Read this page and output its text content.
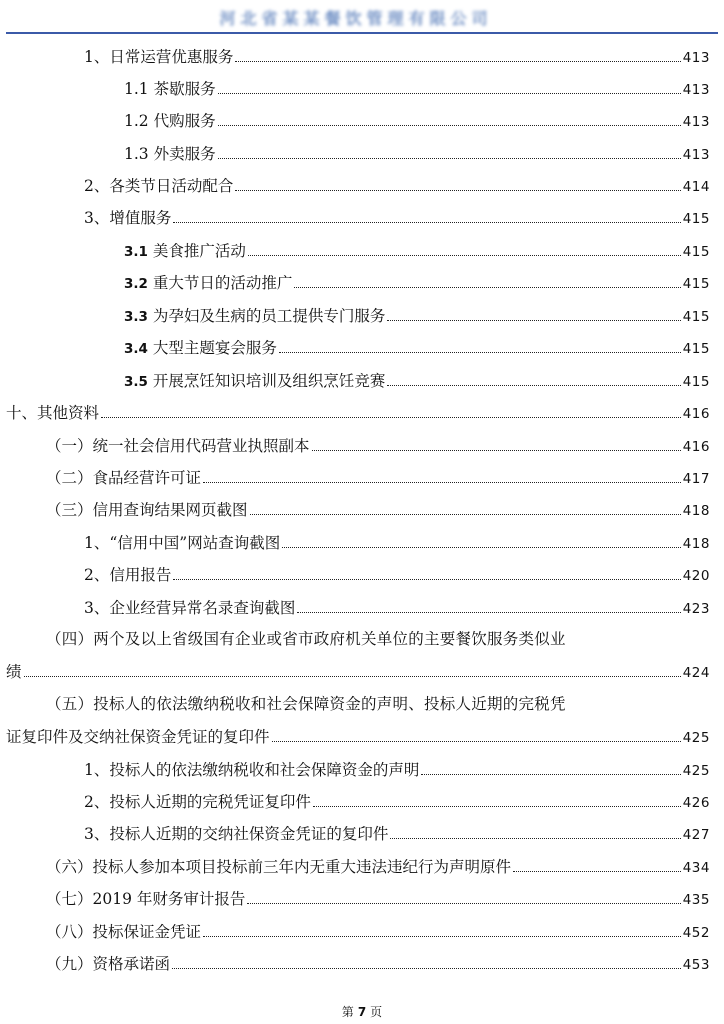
河北省某某餐饮管理有限公司
1、日常运营优惠服务	413
1.1 茶歇服务	413
1.2 代购服务	413
1.3 外卖服务	413
2、各类节日活动配合	414
3、增值服务	415
3.1 美食推广活动	415
3.2 重大节日的活动推广	415
3.3 为孕妇及生病的员工提供专门服务	415
3.4 大型主题宴会服务	415
3.5 开展烹饪知识培训及组织烹饪竞赛	415
十、其他资料	416
（一）统一社会信用代码营业执照副本	416
（二）食品经营许可证	417
（三）信用查询结果网页截图	418
1、“信用中国”网站查询截图	418
2、信用报告	420
3、企业经营异常名录查询截图	423
（四）两个及以上省级国有企业或省市政府机关单位的主要餐饮服务类似业
绩	424
（五）投标人的依法缴纳税收和社会保障资金的声明、投标人近期的完税凭
证复印件及交纳社保资金凭证的复印件	425
1、投标人的依法缴纳税收和社会保障资金的声明	425
2、投标人近期的完税凭证复印件	426
3、投标人近期的交纳社保资金凭证的复印件	427
（六）投标人参加本项目投标前三年内无重大违法违纪行为声明原件	434
（七）2019 年财务审计报告	435
（八）投标保证金凭证	452
（九）资格承诺函	453
第 7 页
